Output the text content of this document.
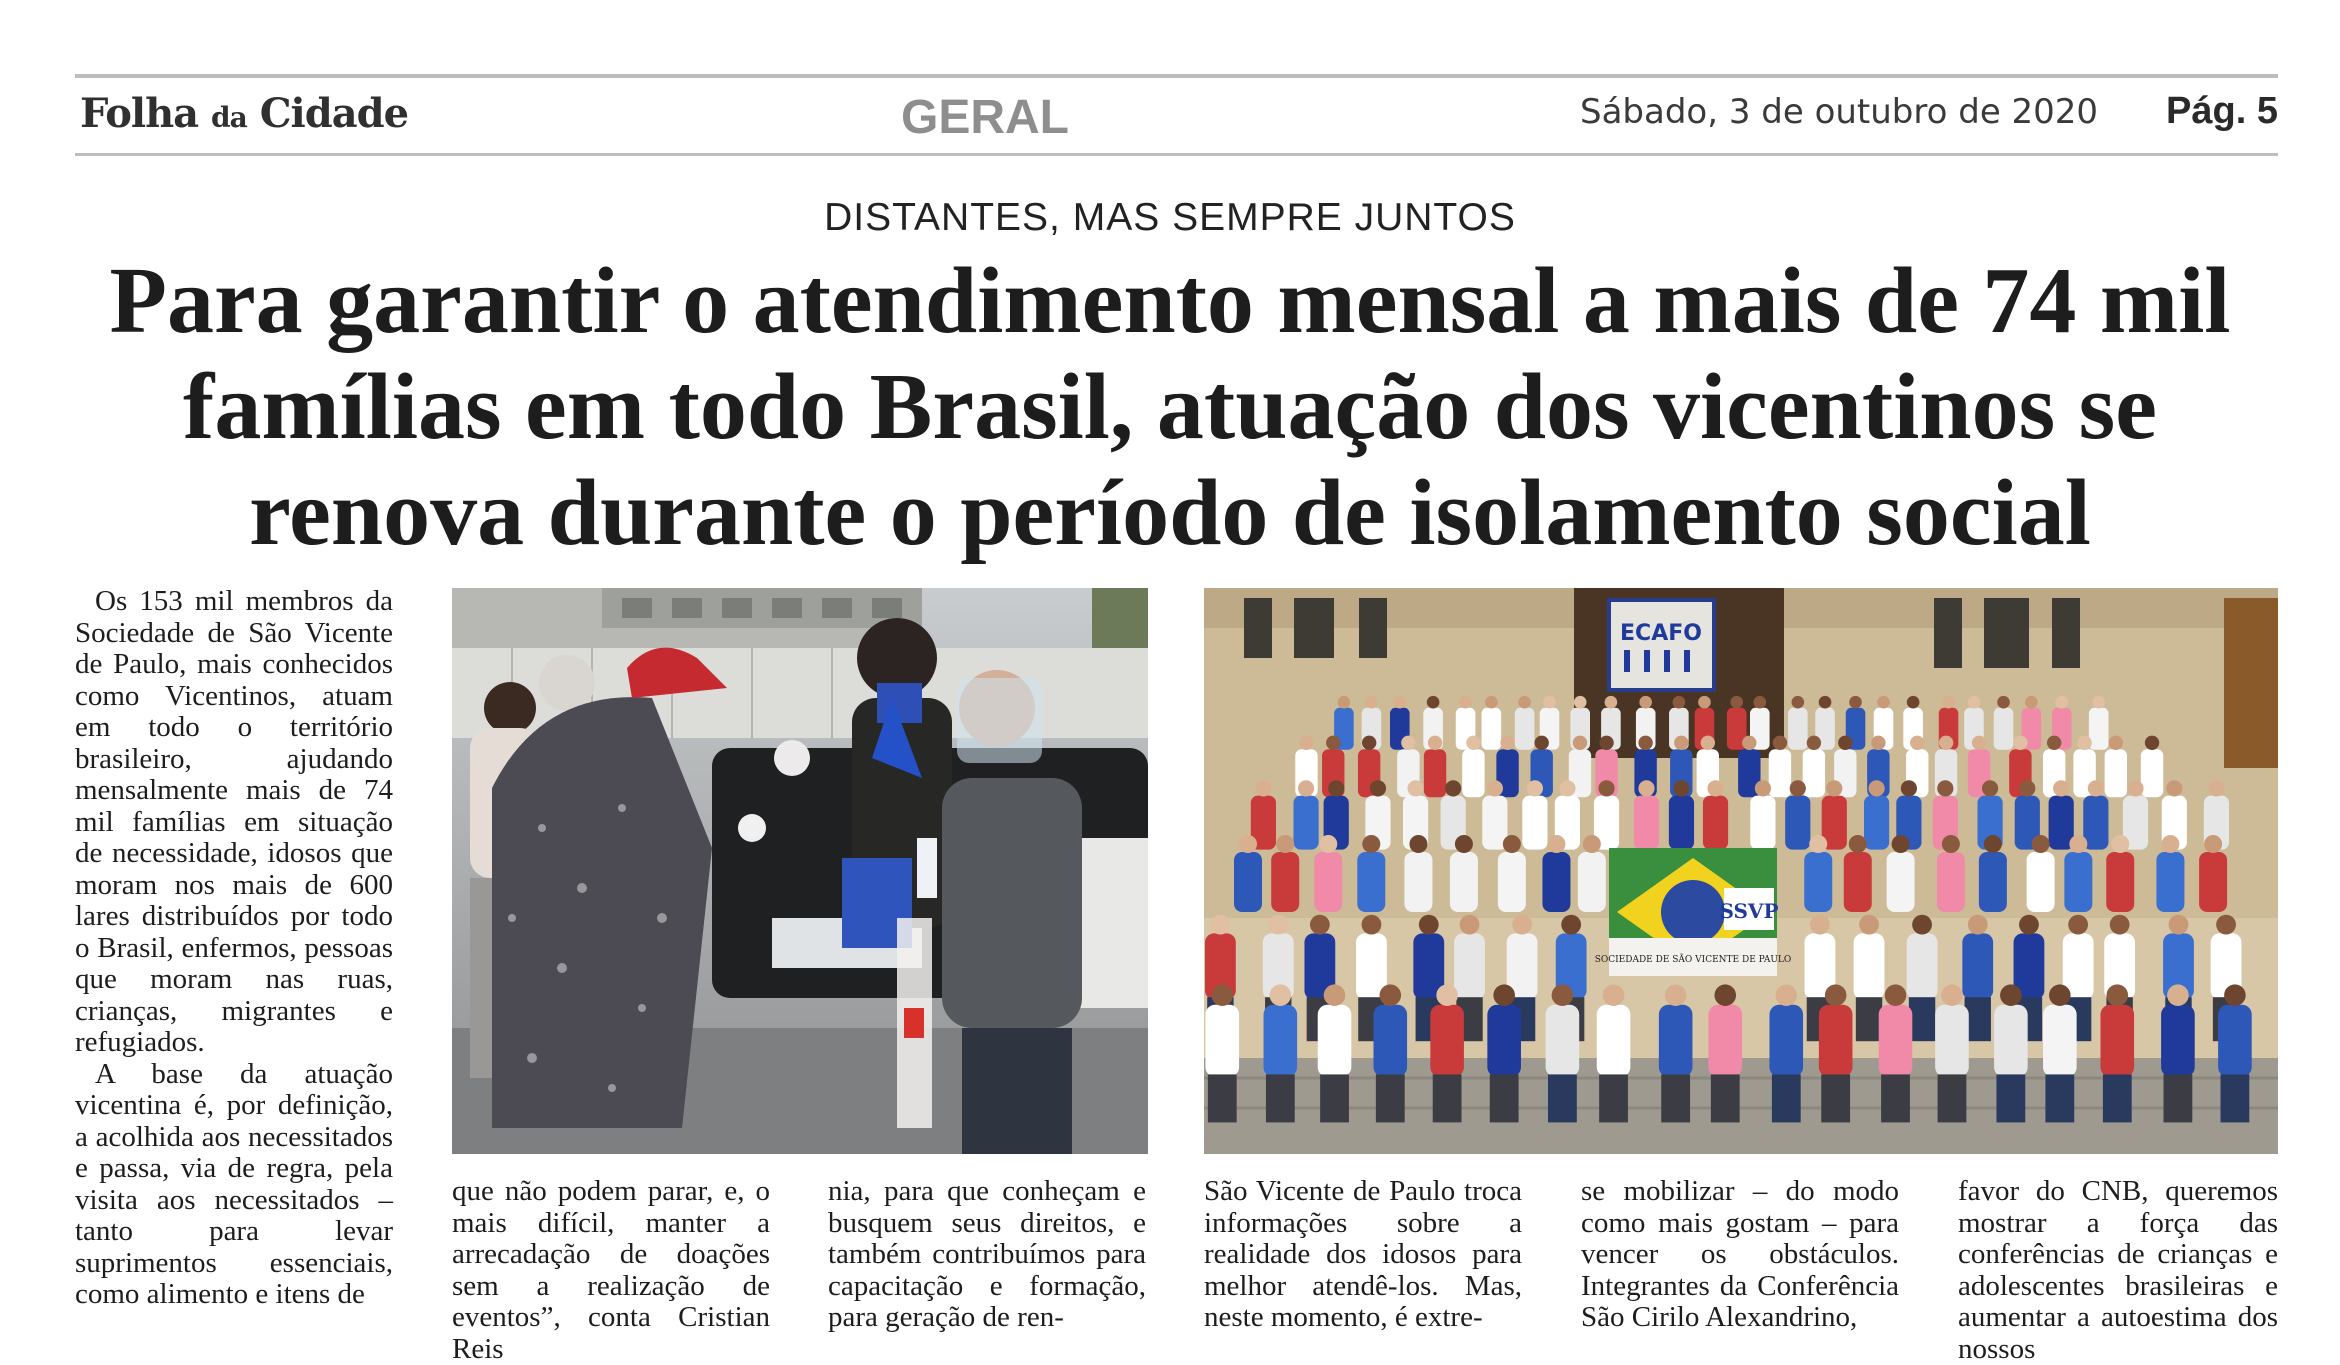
Folha da Cidade	GERAL	Sábado, 3 de outubro de 2020 Pág. 5
DISTANTES, MAS SEMPRE JUNTOS
Para garantir o atendimento mensal a mais de 74 mil famílias em todo Brasil, atuação dos vicentinos se renova durante o período de isolamento social

Os 153 mil membros da Sociedade de São Vicente de Paulo, mais conhecidos como Vicentinos, atuam em todo o território brasileiro, ajudando mensalmente mais de 74 mil famílias em situação de necessidade, idosos que moram nos mais de 600 lares distribuídos por todo o Brasil, enfermos, pessoas que moram nas ruas, crianças, migrantes e refugiados.

A base da atuação vicentina é, por definição, a acolhida aos necessitados e passa, via de regra, pela visita aos necessitados – tanto para levar suprimentos essenciais, como alimento e itens de

ECAFO
SSVP
SOCIEDADE DE SÃO VICENTE DE PAULO

que não podem parar, e, o mais difícil, manter a arrecadação de doações sem a realização de eventos”, conta Cristian Reis

nia, para que conheçam e busquem seus direitos, e também contribuímos para capacitação e formação, para geração de ren-

São Vicente de Paulo troca informações sobre a realidade dos idosos para melhor atendê-los. Mas, neste momento, é extre-

se mobilizar – do modo como mais gostam – para vencer os obstáculos. Integrantes da Conferência São Cirilo Alexandrino,

favor do CNB, queremos mostrar a força das conferências de crianças e adolescentes brasileiras e aumentar a autoestima dos nossos
